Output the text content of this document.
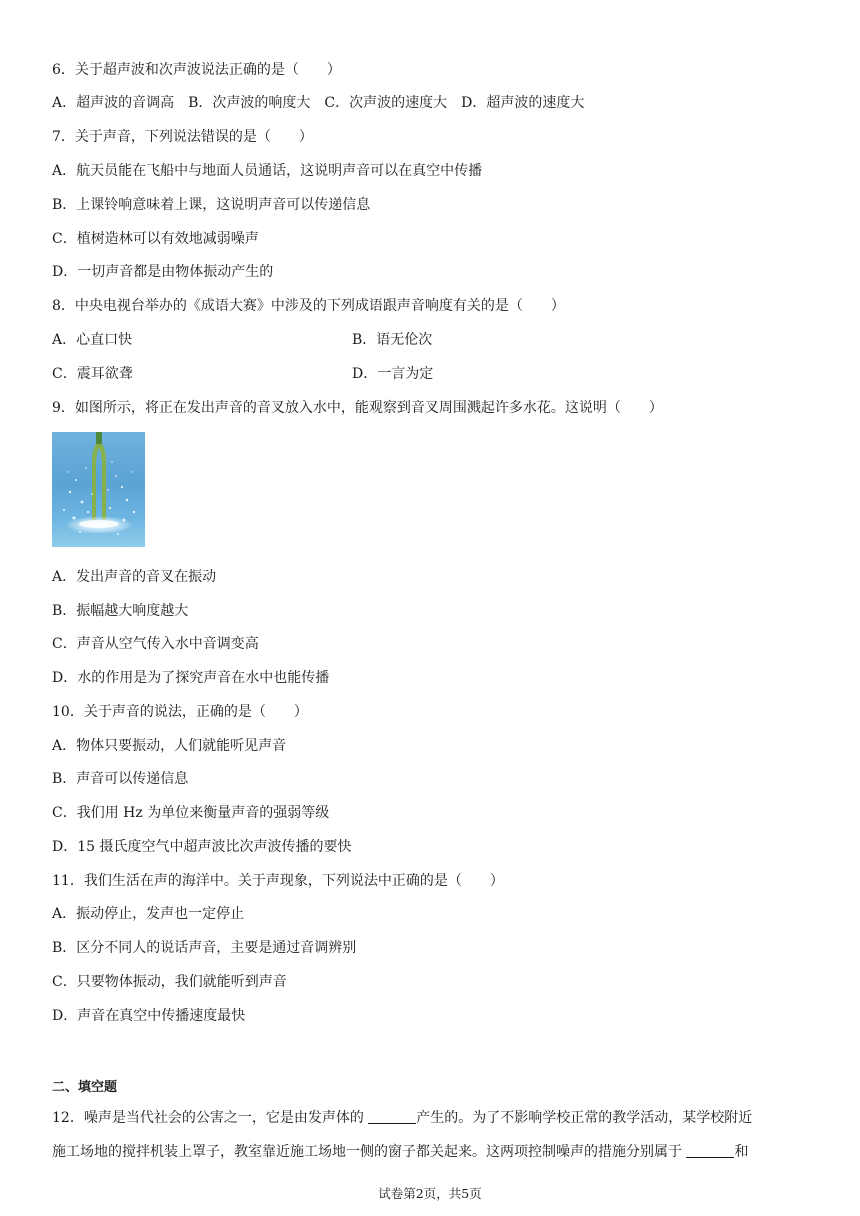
6．关于超声波和次声波说法正确的是（　　）
A．超声波的音调高　B．次声波的响度大　C．次声波的速度大　D．超声波的速度大
7．关于声音，下列说法错误的是（　　）
A．航天员能在飞船中与地面人员通话，这说明声音可以在真空中传播
B．上课铃响意味着上课，这说明声音可以传递信息
C．植树造林可以有效地减弱噪声
D．一切声音都是由物体振动产生的
8．中央电视台举办的《成语大赛》中涉及的下列成语跟声音响度有关的是（　　）
A．心直口快	B．语无伦次
C．震耳欲聋	D．一言为定
9．如图所示，将正在发出声音的音叉放入水中，能观察到音叉周围溅起许多水花。这说明（　　）
A．发出声音的音叉在振动
B．振幅越大响度越大
C．声音从空气传入水中音调变高
D．水的作用是为了探究声音在水中也能传播
10．关于声音的说法，正确的是（　　）
A．物体只要振动，人们就能听见声音
B．声音可以传递信息
C．我们用 Hz 为单位来衡量声音的强弱等级
D．15 摄氏度空气中超声波比次声波传播的要快
11．我们生活在声的海洋中。关于声现象，下列说法中正确的是（　　）
A．振动停止，发声也一定停止
B．区分不同人的说话声音，主要是通过音调辨别
C．只要物体振动，我们就能听到声音
D．声音在真空中传播速度最快
二、填空题
12．噪声是当代社会的公害之一，它是由发声体的	产生的。为了不影响学校正常的教学活动，某学校附近
施工场地的搅拌机装上罩子，教室靠近施工场地一侧的窗子都关起来。这两项控制噪声的措施分别属于	和
试卷第2页，共5页
